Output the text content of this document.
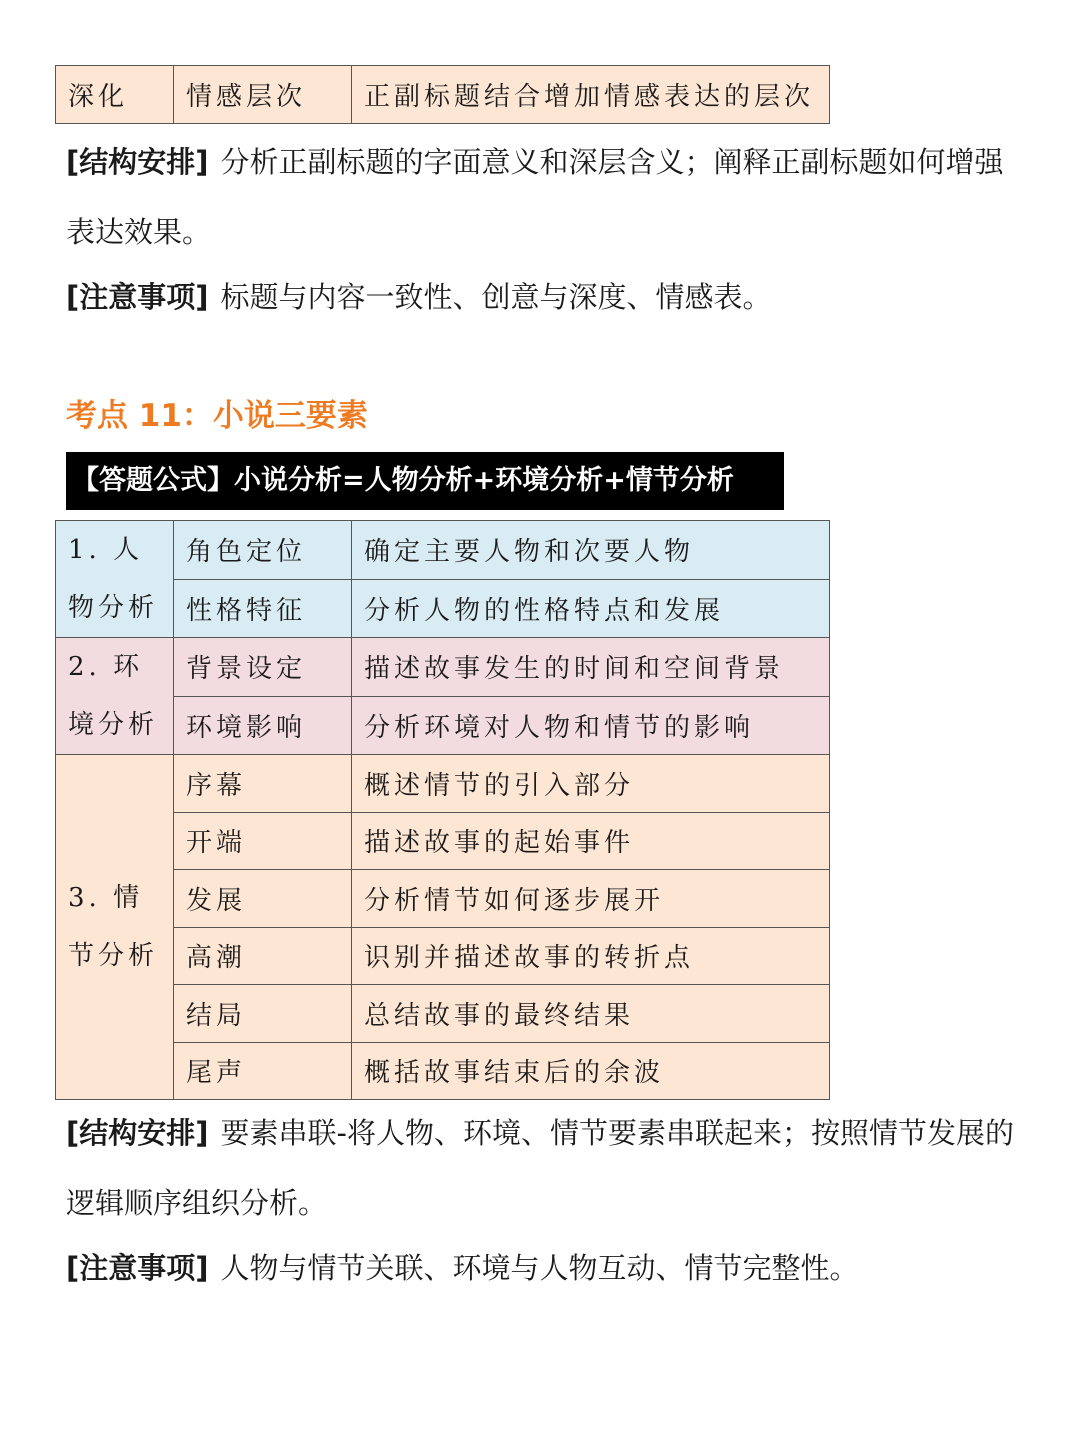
深化	情感层次	正副标题结合增加情感表达的层次
[结构安排] 分析正副标题的字面意义和深层含义；阐释正副标题如何增强
表达效果。
[注意事项] 标题与内容一致性、创意与深度、情感表。
考点 11：小说三要素
【答题公式】小说分析=人物分析+环境分析+情节分析
1. 人物分析	角色定位	确定主要人物和次要人物
	性格特征	分析人物的性格特点和发展

2. 环境分析	背景设定	描述故事发生的时间和空间背景
	环境影响	分析环境对人物和情节的影响

3. 情节分析	序幕	概述情节的引入部分
	开端	描述故事的起始事件
	发展	分析情节如何逐步展开
	高潮	识别并描述故事的转折点
	结局	总结故事的最终结果
	尾声	概括故事结束后的余波
[结构安排] 要素串联-将人物、环境、情节要素串联起来；按照情节发展的
逻辑顺序组织分析。
[注意事项] 人物与情节关联、环境与人物互动、情节完整性。
